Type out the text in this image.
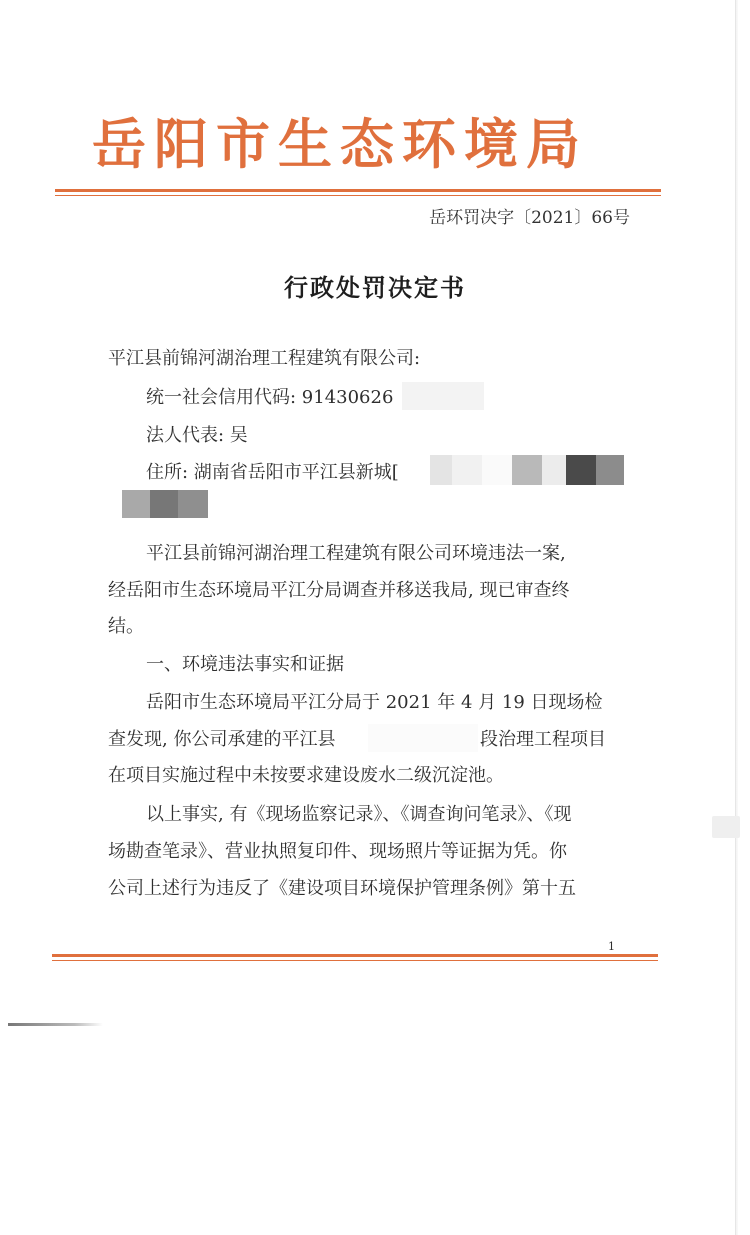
岳阳市生态环境局
岳环罚决字〔2021〕66号
行政处罚决定书
平江县前锦河湖治理工程建筑有限公司:
统一社会信用代码: 91430626
法人代表: 吴
住所: 湖南省岳阳市平江县新城[
平江县前锦河湖治理工程建筑有限公司环境违法一案,
经岳阳市生态环境局平江分局调查并移送我局, 现已审查终
结。
一、环境违法事实和证据
岳阳市生态环境局平江分局于 2021 年 4 月 19 日现场检
查发现, 你公司承建的平江县	段治理工程项目
在项目实施过程中未按要求建设废水二级沉淀池。
以上事实, 有《现场监察记录》、《调查询问笔录》、《现
场勘查笔录》、营业执照复印件、现场照片等证据为凭。你
公司上述行为违反了《建设项目环境保护管理条例》第十五
1
